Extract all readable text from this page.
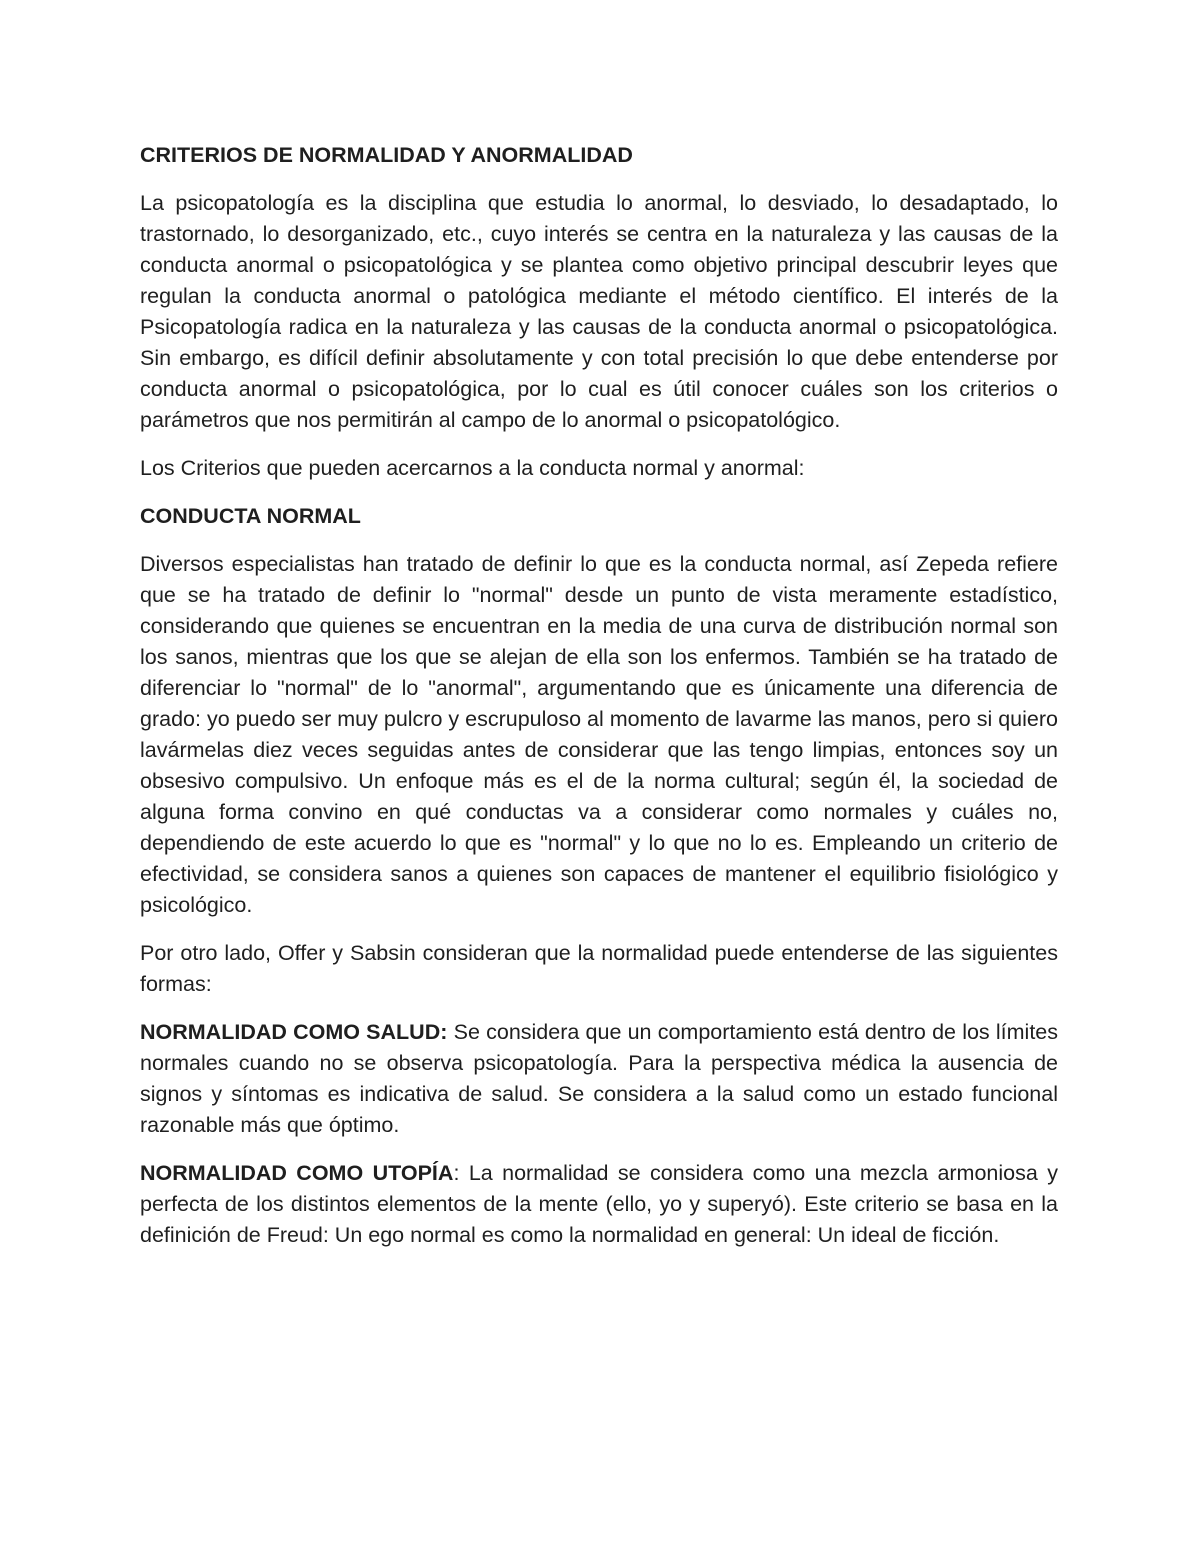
CRITERIOS DE NORMALIDAD Y ANORMALIDAD

La psicopatología es la disciplina que estudia lo anormal, lo desviado, lo desadaptado, lo trastornado, lo desorganizado, etc., cuyo interés se centra en la naturaleza y las causas de la conducta anormal o psicopatológica y se plantea como objetivo principal descubrir leyes que regulan la conducta anormal o patológica mediante el método científico. El interés de la Psicopatología radica en la naturaleza y las causas de la conducta anormal o psicopatológica. Sin embargo, es difícil definir absolutamente y con total precisión lo que debe entenderse por conducta anormal o psicopatológica, por lo cual es útil conocer cuáles son los criterios o parámetros que nos permitirán al campo de lo anormal o psicopatológico.

Los Criterios que pueden acercarnos a la conducta normal y anormal:

CONDUCTA NORMAL

Diversos especialistas han tratado de definir lo que es la conducta normal, así Zepeda refiere que se ha tratado de definir lo "normal" desde un punto de vista meramente estadístico, considerando que quienes se encuentran en la media de una curva de distribución normal son los sanos, mientras que los que se alejan de ella son los enfermos. También se ha tratado de diferenciar lo "normal" de lo "anormal", argumentando que es únicamente una diferencia de grado: yo puedo ser muy pulcro y escrupuloso al momento de lavarme las manos, pero si quiero lavármelas diez veces seguidas antes de considerar que las tengo limpias, entonces soy un obsesivo compulsivo. Un enfoque más es el de la norma cultural; según él, la sociedad de alguna forma convino en qué conductas va a considerar como normales y cuáles no, dependiendo de este acuerdo lo que es "normal" y lo que no lo es. Empleando un criterio de efectividad, se considera sanos a quienes son capaces de mantener el equilibrio fisiológico y psicológico.

Por otro lado, Offer y Sabsin consideran que la normalidad puede entenderse de las siguientes formas:

NORMALIDAD COMO SALUD: Se considera que un comportamiento está dentro de los límites normales cuando no se observa psicopatología. Para la perspectiva médica la ausencia de signos y síntomas es indicativa de salud. Se considera a la salud como un estado funcional razonable más que óptimo.

NORMALIDAD COMO UTOPÍA: La normalidad se considera como una mezcla armoniosa y perfecta de los distintos elementos de la mente (ello, yo y superyó). Este criterio se basa en la definición de Freud: Un ego normal es como la normalidad en general: Un ideal de ficción.
